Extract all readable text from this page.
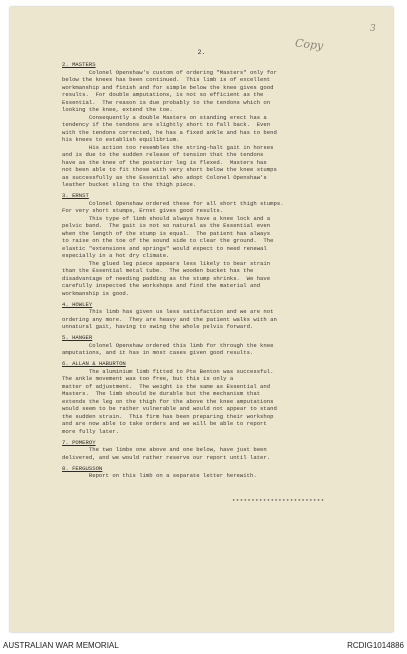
Copy
3
2.
2. MASTERS
Colonel Openshaw's custom of ordering "Masters" only for
below the knees has been continued.  This limb is of excellent
workmanship and finish and for simple below the knee gives good
results.  For double amputations, is not so efficient as the
Essential.  The reason is due probably to the tendons which on
looking the knee, extend the toe.
Consequently a double Masters on standing erect has a
tendency if the tendons are slightly short to fall back.  Even
with the tendons corrected, he has a fixed ankle and has to bend
his knees to establish equilibrium.
His action too resembles the string-halt gait in horses
and is due to the sudden release of tension that the tendons
have as the knee of the posterior leg is flexed.  Masters has
not been able to fit those with very short below the knee stumps
as successfully as the Essential who adopt Colonel Openshaw's
leather bucket sling to the thigh piece.
3. ERNST
Colonel Openshaw ordered these for all short thigh stumps.
For very short stumps, Ernst gives good results.
This type of limb should always have a knee lock and a
pelvic band.  The gait is not so natural as the Essential even
when the length of the stump is equal.  The patient has always
to raise on the toe of the sound side to clear the ground.  The
elastic "extensions and springs" would expect to need renewal
especially in a hot dry climate.
The glued leg piece appears less likely to bear strain
than the Essential metal tube.  The wooden bucket has the
disadvantage of needing padding as the stump shrinks.  We have
carefully inspected the workshops and find the material and
workmanship is good.
4. HOWLEY
This limb has given us less satisfaction and we are not
ordering any more.  They are heavy and the patient walks with an
unnatural gait, having to swing the whole pelvis forward.
5. HANGER
Colonel Openshaw ordered this limb for through the knee
amputations, and it has in most cases given good results.
6. ALLAN & HABURTON
The aluminium limb fitted to Pte Benton was successful.
The ankle movement was too free, but this is only a
matter of adjustment.  The weight is the same as Essential and
Masters.  The limb should be durable but the mechanism that
extends the leg on the thigh for the above the knee amputations
would seem to be rather vulnerable and would not appear to stand
the sudden strain.  This firm has been preparing their workshop
and are now able to take orders and we will be able to report
more fully later.
7. POMEROY
The two limbs one above and one below, have just been
delivered, and we would rather reserve our report until later.
8. FERGUSSON
Report on this limb on a separate letter herewith.
************************
AUSTRALIAN WAR MEMORIAL	RCDIG1014886
